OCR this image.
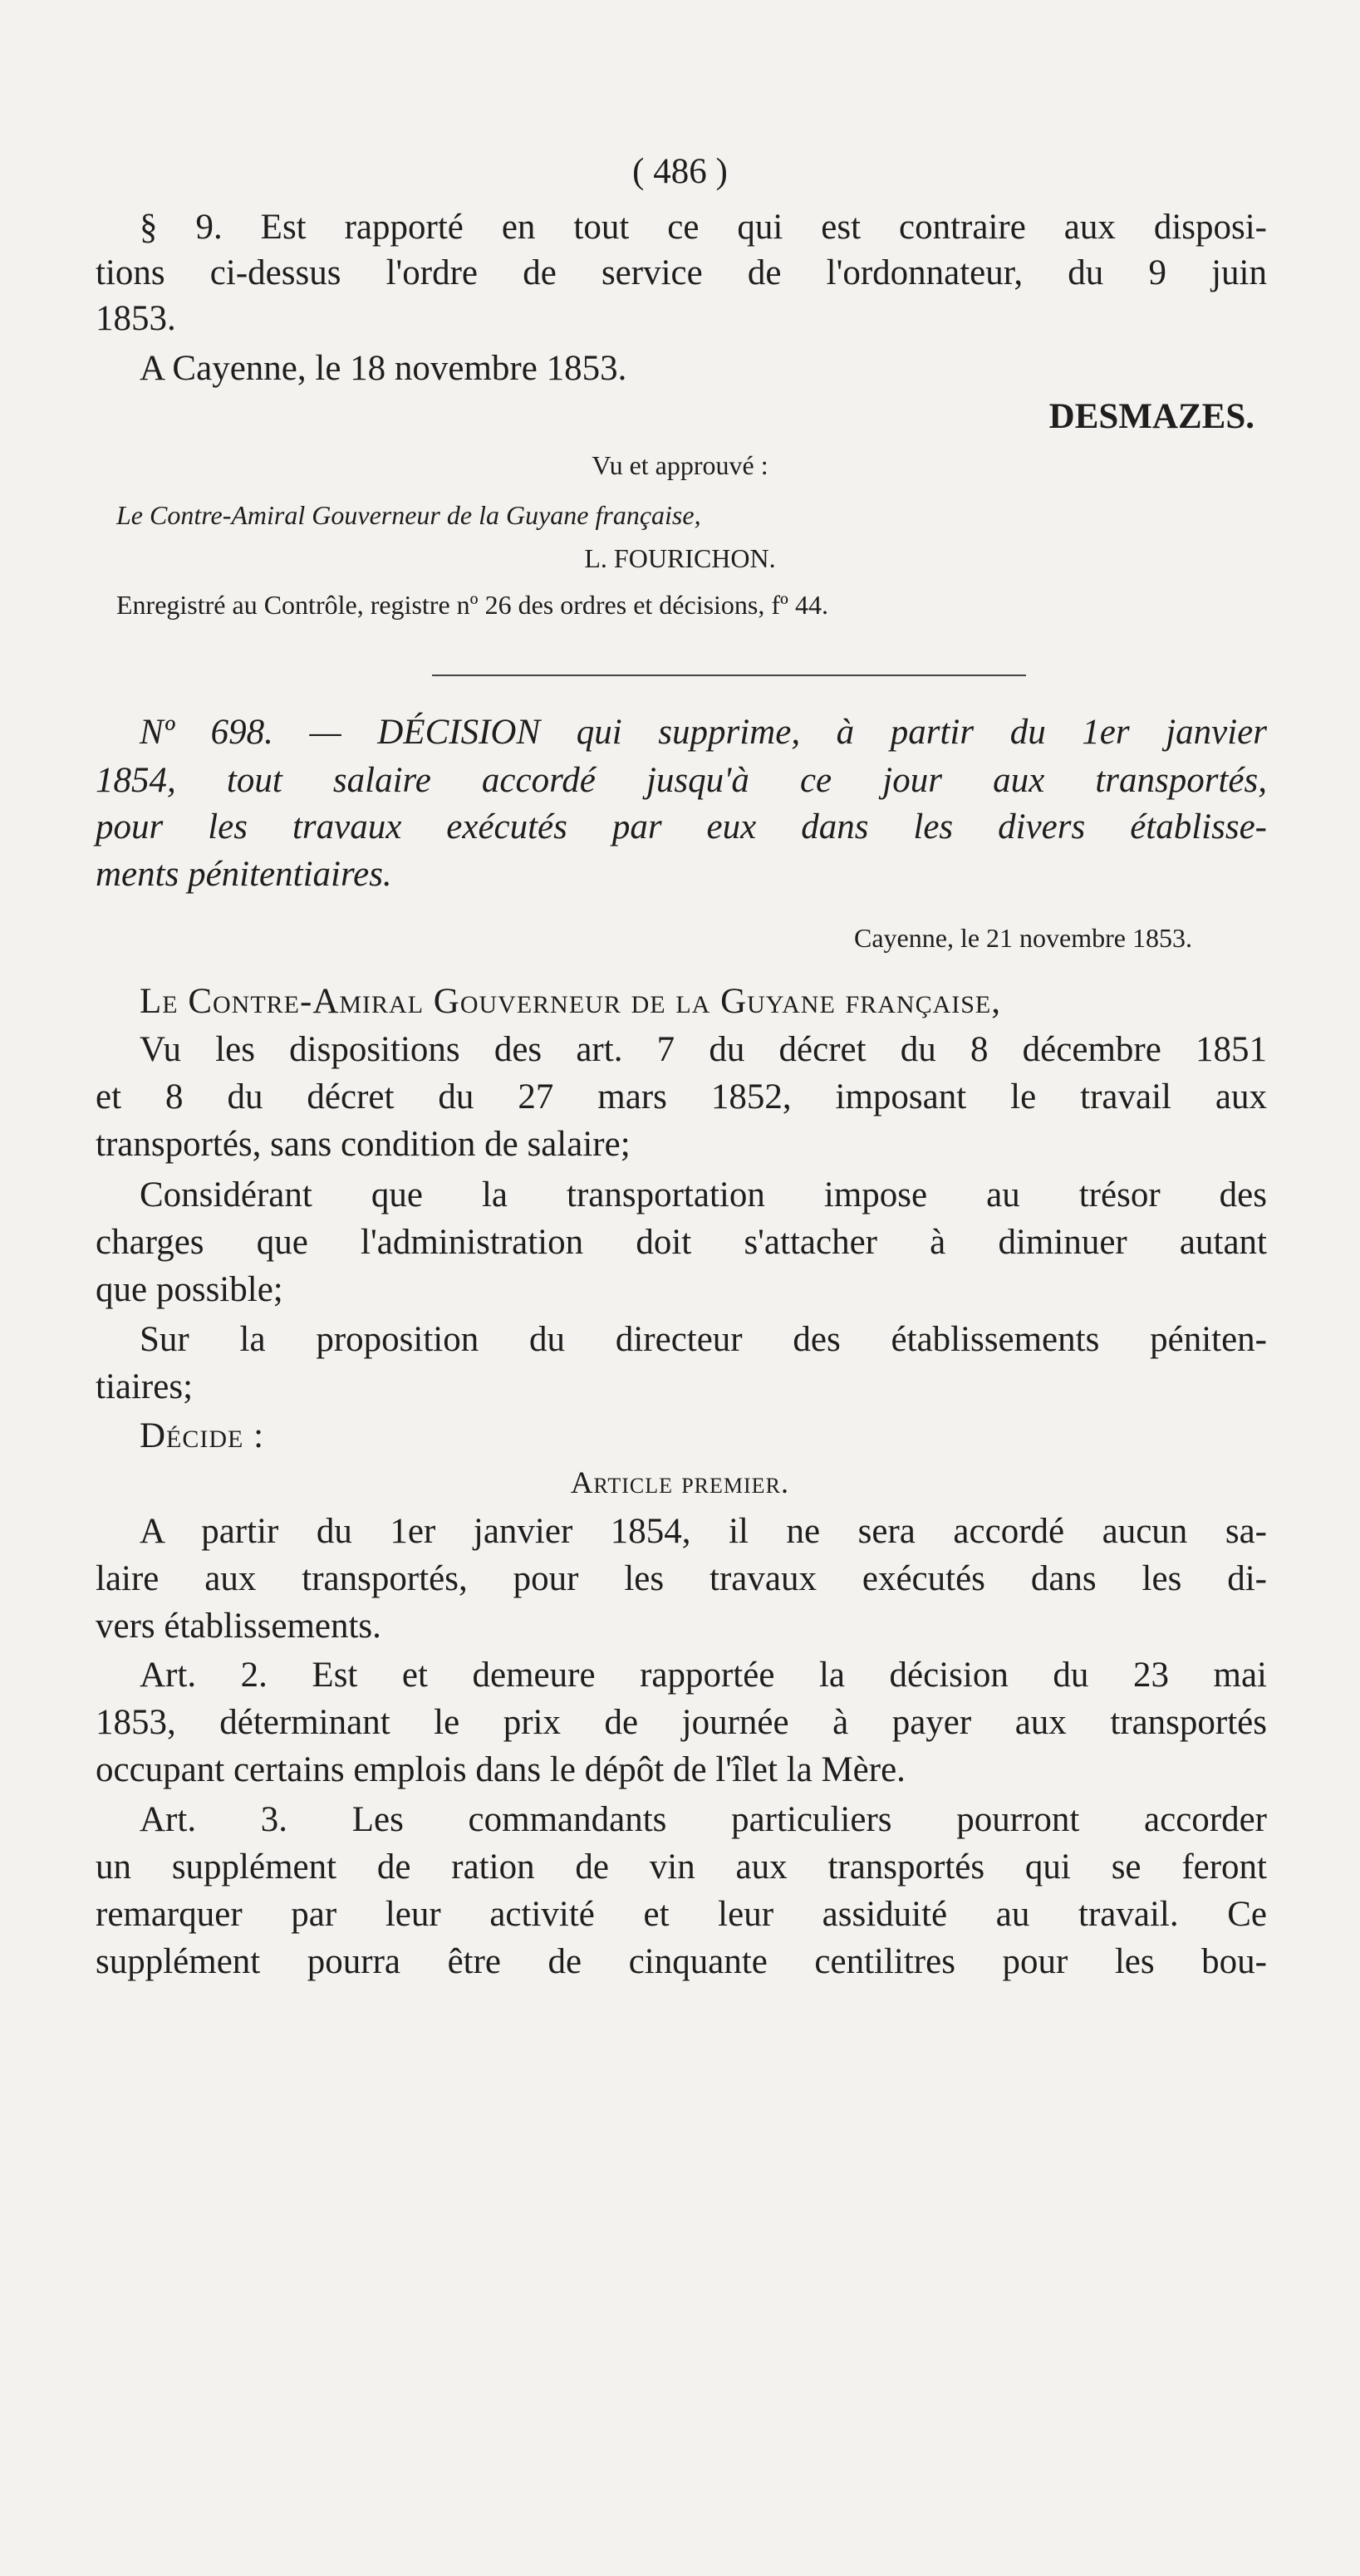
( 486 )
§ 9. Est rapporté en tout ce qui est contraire aux disposi-
tions ci-dessus l'ordre de service de l'ordonnateur, du 9 juin
1853.
A Cayenne, le 18 novembre 1853.
DESMAZES.
Vu et approuvé :
Le Contre-Amiral Gouverneur de la Guyane française,
L. FOURICHON.
Enregistré au Contrôle, registre nº 26 des ordres et décisions, fº 44.
Nº 698. — DÉCISION qui supprime, à partir du 1er janvier
1854, tout salaire accordé jusqu'à ce jour aux transportés,
pour les travaux exécutés par eux dans les divers établisse-
ments pénitentiaires.
Cayenne, le 21 novembre 1853.
Le Contre-Amiral Gouverneur de la Guyane française,
Vu les dispositions des art. 7 du décret du 8 décembre 1851
et 8 du décret du 27 mars 1852, imposant le travail aux
transportés, sans condition de salaire;
Considérant que la transportation impose au trésor des
charges que l'administration doit s'attacher à diminuer autant
que possible;
Sur la proposition du directeur des établissements péniten-
tiaires;
Décide :
Article premier.
A partir du 1er janvier 1854, il ne sera accordé aucun sa-
laire aux transportés, pour les travaux exécutés dans les di-
vers établissements.
Art. 2. Est et demeure rapportée la décision du 23 mai
1853, déterminant le prix de journée à payer aux transportés
occupant certains emplois dans le dépôt de l'îlet la Mère.
Art. 3. Les commandants particuliers pourront accorder
un supplément de ration de vin aux transportés qui se feront
remarquer par leur activité et leur assiduité au travail. Ce
supplément pourra être de cinquante centilitres pour les bou-
